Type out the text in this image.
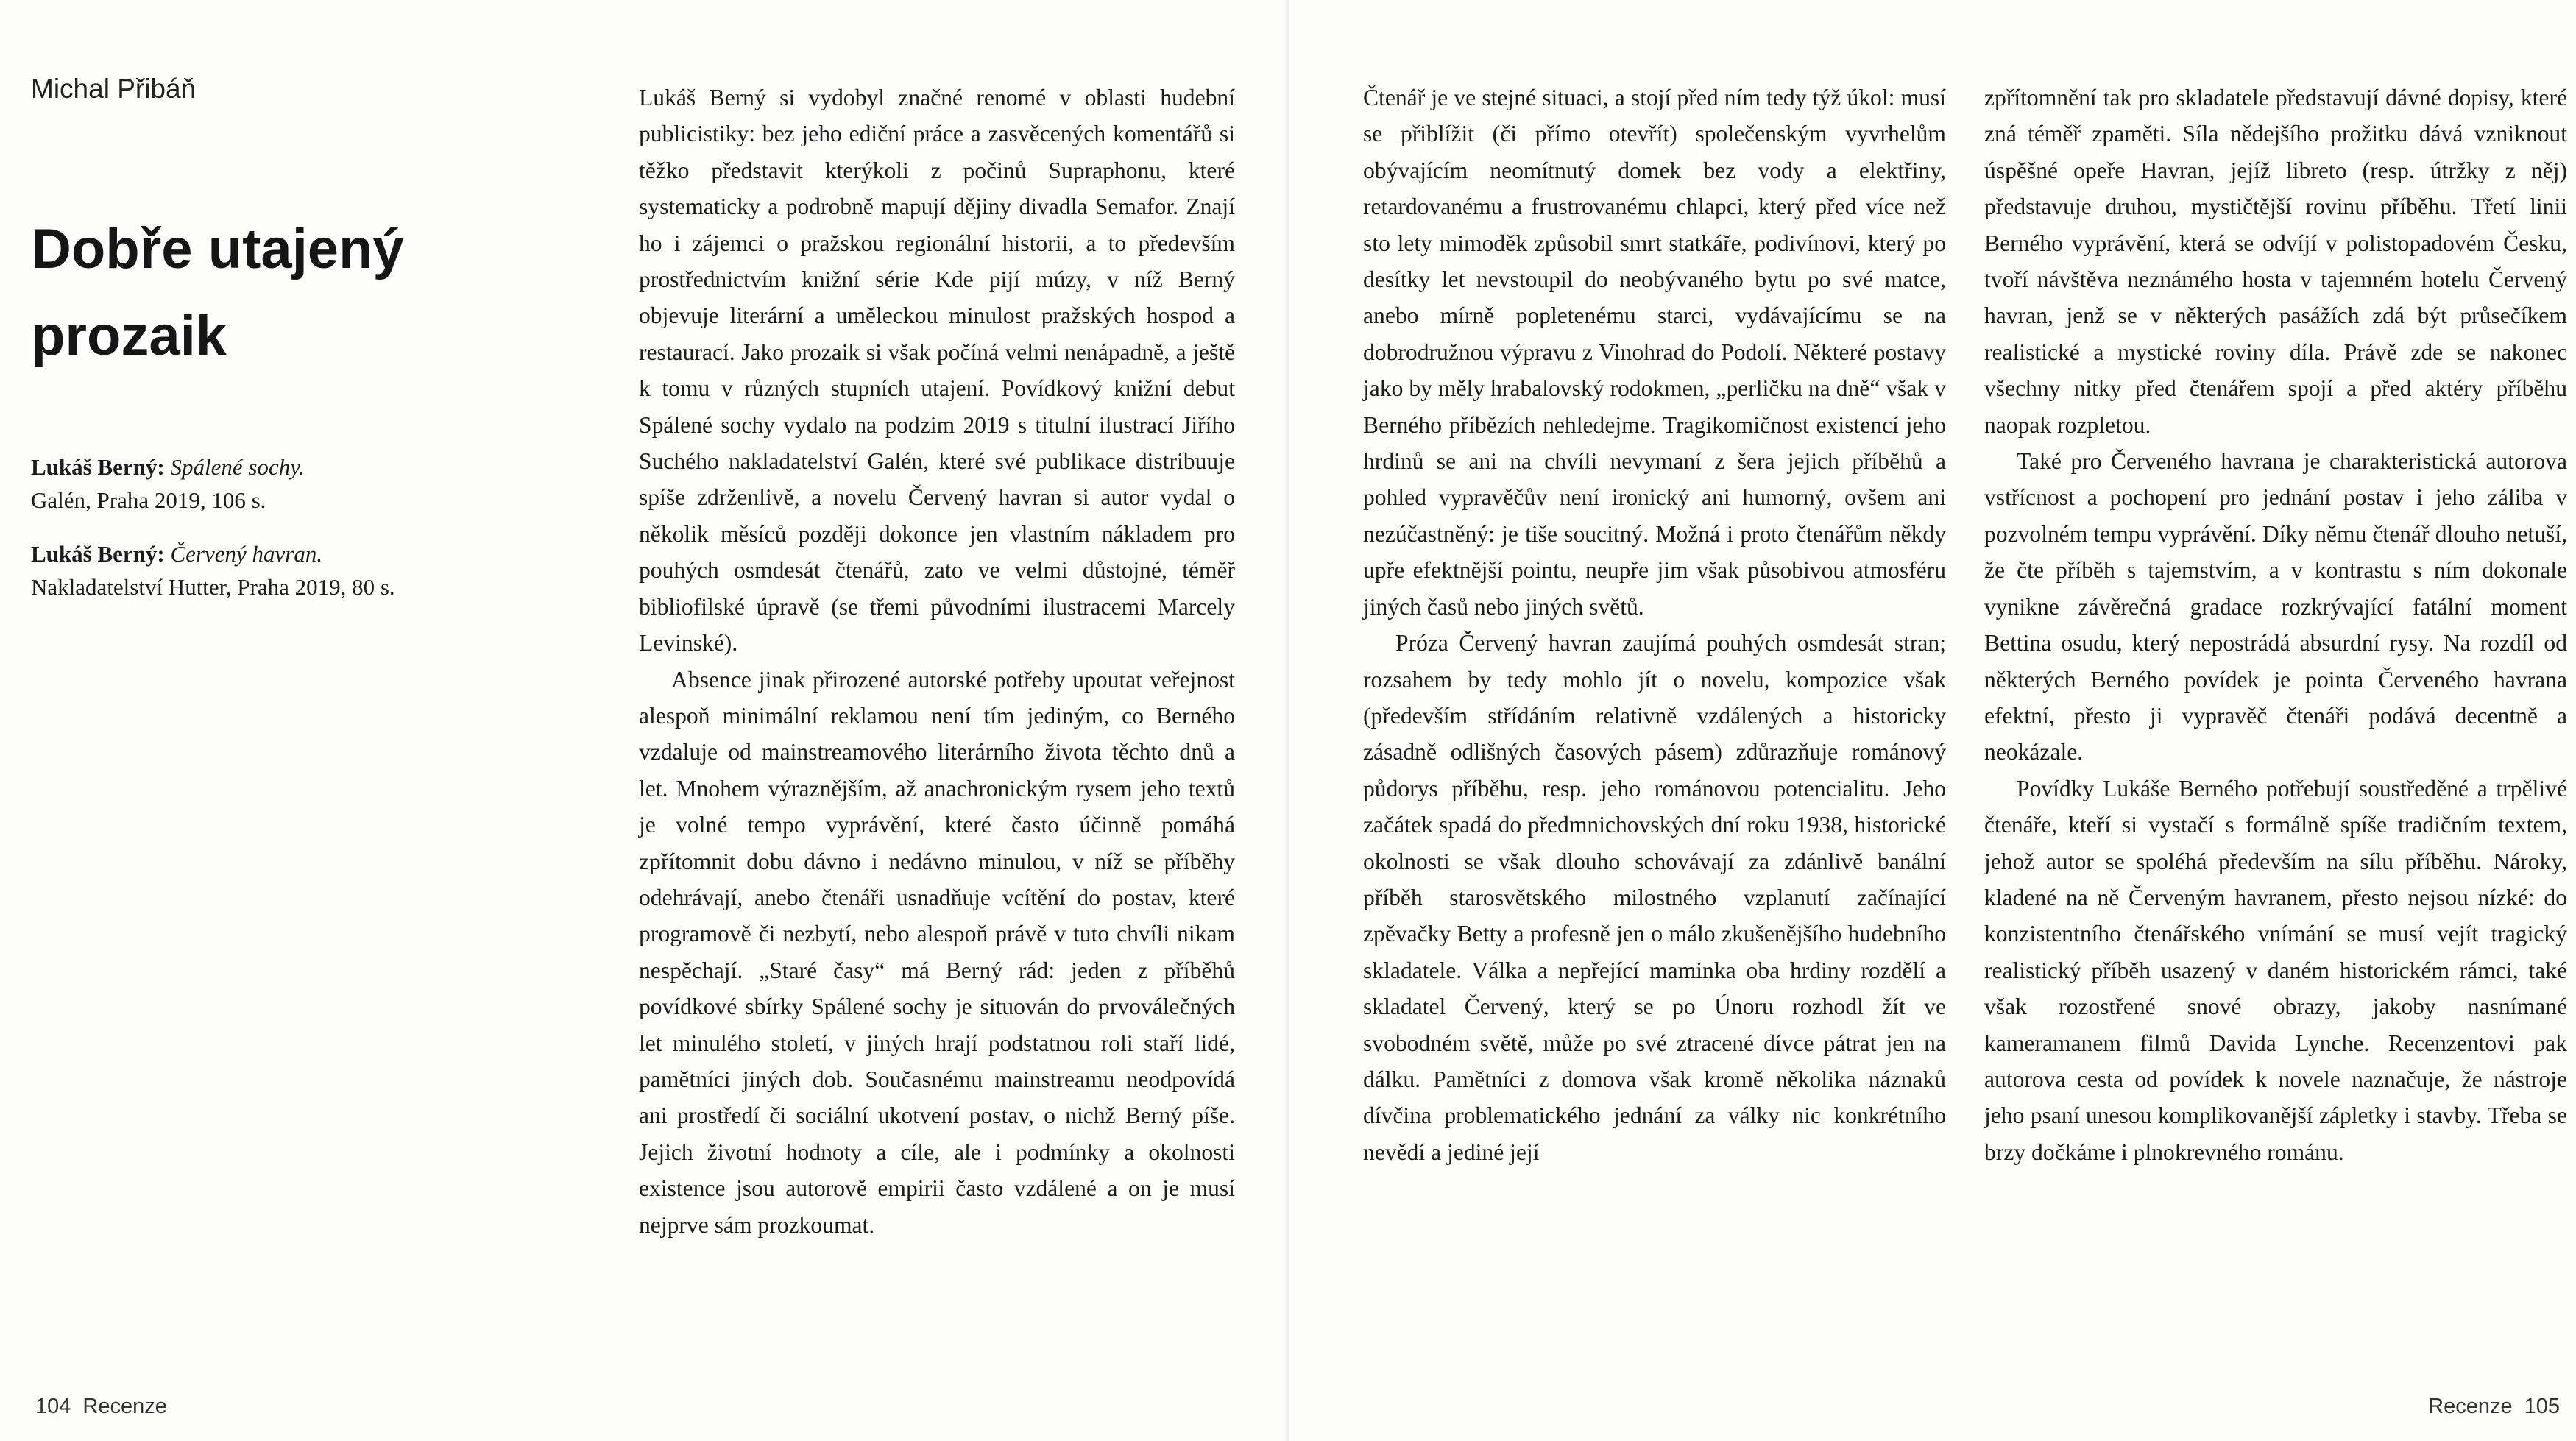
Michal Přibáň
Dobře utajený prozaik
Lukáš Berný: Spálené sochy.
Galén, Praha 2019, 106 s.
Lukáš Berný: Červený havran.
Nakladatelství Hutter, Praha 2019, 80 s.

Lukáš Berný si vydobyl značné renomé v oblasti hudební publicistiky: bez jeho ediční práce a zasvěcených komentářů si těžko představit kterýkoli z počinů Supraphonu, které systematicky a podrobně mapují dějiny divadla Semafor. Znají ho i zájemci o pražskou regionální historii, a to především prostřednictvím knižní série Kde pijí múzy, v níž Berný objevuje literární a uměleckou minulost pražských hospod a restaurací. Jako prozaik si však počíná velmi nenápadně, a ještě k tomu v různých stupních utajení. Povídkový knižní debut Spálené sochy vydalo na podzim 2019 s titulní ilustrací Jiřího Suchého nakladatelství Galén, které své publikace distribuuje spíše zdrženlivě, a novelu Červený havran si autor vydal o několik měsíců později dokonce jen vlastním nákladem pro pouhých osmdesát čtenářů, zato ve velmi důstojné, téměř bibliofilské úpravě (se třemi původními ilustracemi Marcely Levinské).

Absence jinak přirozené autorské potřeby upoutat veřejnost alespoň minimální reklamou není tím jediným, co Berného vzdaluje od mainstreamového literárního života těchto dnů a let. Mnohem výraznějším, až anachronickým rysem jeho textů je volné tempo vyprávění, které často účinně pomáhá zpřítomnit dobu dávno i nedávno minulou, v níž se příběhy odehrávají, anebo čtenáři usnadňuje vcítění do postav, které programově či nezbytí, nebo alespoň právě v tuto chvíli nikam nespěchají. „Staré časy“ má Berný rád: jeden z příběhů povídkové sbírky Spálené sochy je situován do prvoválečných let minulého století, v jiných hrají podstatnou roli staří lidé, pamětníci jiných dob. Současnému mainstreamu neodpovídá ani prostředí či sociální ukotvení postav, o nichž Berný píše. Jejich životní hodnoty a cíle, ale i podmínky a okolnosti existence jsou autorově empirii často vzdálené a on je musí nejprve sám prozkoumat.

104 Recenze	Recenze 105

Čtenář je ve stejné situaci, a stojí před ním tedy týž úkol: musí se přiblížit (či přímo otevřít) společenským vyvrhelům obývajícím neomítnutý domek bez vody a elektřiny, retardovanému a frustrovanému chlapci, který před více než sto lety mimoděk způsobil smrt statkáře, podivínovi, který po desítky let nevstoupil do neobývaného bytu po své matce, anebo mírně popletenému starci, vydávajícímu se na dobrodružnou výpravu z Vinohrad do Podolí. Některé postavy jako by měly hrabalovský rodokmen, „perličku na dně“ však v Berného příbězích nehledejme. Tragikomičnost existencí jeho hrdinů se ani na chvíli nevymaní z šera jejich příběhů a pohled vypravěčův není ironický ani humorný, ovšem ani nezúčastněný: je tiše soucitný. Možná i proto čtenářům někdy upře efektnější pointu, neupře jim však působivou atmosféru jiných časů nebo jiných světů.

Próza Červený havran zaujímá pouhých osmdesát stran; rozsahem by tedy mohlo jít o novelu, kompozice však (především střídáním relativně vzdálených a historicky zásadně odlišných časových pásem) zdůrazňuje románový půdorys příběhu, resp. jeho románovou potencialitu. Jeho začátek spadá do předmnichovských dní roku 1938, historické okolnosti se však dlouho schovávají za zdánlivě banální příběh starosvětského milostného vzplanutí začínající zpěvačky Betty a profesně jen o málo zkušenějšího hudebního skladatele. Válka a nepřející maminka oba hrdiny rozdělí a skladatel Červený, který se po Únoru rozhodl žít ve svobodném světě, může po své ztracené dívce pátrat jen na dálku. Pamětníci z domova však kromě několika náznaků dívčina problematického jednání za války nic konkrétního nevědí a jediné její

zpřítomnění tak pro skladatele představují dávné dopisy, které zná téměř zpaměti. Síla nědejšího prožitku dává vzniknout úspěšné opeře Havran, jejíž libreto (resp. útržky z něj) představuje druhou, mystičtější rovinu příběhu. Třetí linii Berného vyprávění, která se odvíjí v polistopadovém Česku, tvoří návštěva neznámého hosta v tajemném hotelu Červený havran, jenž se v některých pasážích zdá být průsečíkem realistické a mystické roviny díla. Právě zde se nakonec všechny nitky před čtenářem spojí a před aktéry příběhu naopak rozpletou.

Také pro Červeného havrana je charakteristická autorova vstřícnost a pochopení pro jednání postav i jeho záliba v pozvolném tempu vyprávění. Díky němu čtenář dlouho netuší, že čte příběh s tajemstvím, a v kontrastu s ním dokonale vynikne závěrečná gradace rozkrývající fatální moment Bettina osudu, který nepostrádá absurdní rysy. Na rozdíl od některých Berného povídek je pointa Červeného havrana efektní, přesto ji vypravěč čtenáři podává decentně a neokázale.

Povídky Lukáše Berného potřebují soustředěné a trpělivé čtenáře, kteří si vystačí s formálně spíše tradičním textem, jehož autor se spoléhá především na sílu příběhu. Nároky, kladené na ně Červeným havranem, přesto nejsou nízké: do konzistentního čtenářského vnímání se musí vejít tragický realistický příběh usazený v daném historickém rámci, také však rozostřené snové obrazy, jakoby nasnímané kameramanem filmů Davida Lynche. Recenzentovi pak autorova cesta od povídek k novele naznačuje, že nástroje jeho psaní unesou komplikovanější zápletky i stavby. Třeba se brzy dočkáme i plnokrevného románu.
